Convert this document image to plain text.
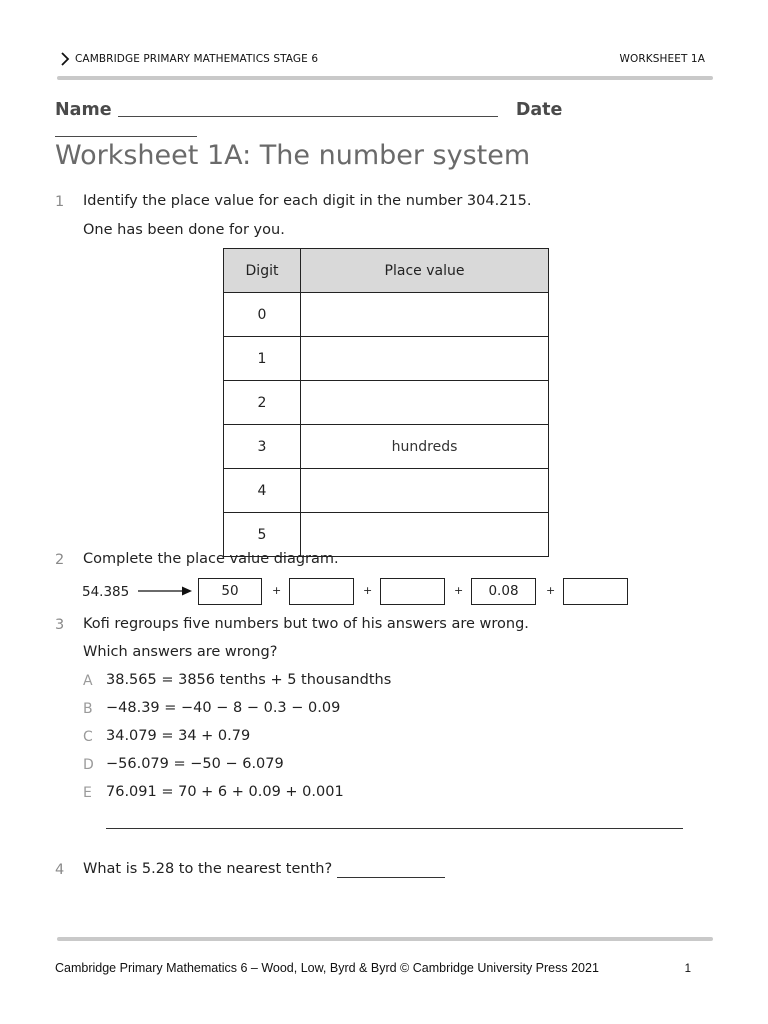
CAMBRIDGE PRIMARY MATHEMATICS STAGE 6	WORKSHEET 1A
Name	Date
Worksheet 1A: The number system
1 Identify the place value for each digit in the number 304.215.
One has been done for you.
Digit	Place value
0	
1	
2	
3	hundreds
4	
5	
2 Complete the place value diagram.
54.385	50	+	+	+	0.08	+
3 Kofi regroups five numbers but two of his answers are wrong.
Which answers are wrong?
A 38.565 = 3856 tenths + 5 thousandths
B −48.39 = −40 − 8 − 0.3 − 0.09
C 34.079 = 34 + 0.79
D −56.079 = −50 − 6.079
E 76.091 = 70 + 6 + 0.09 + 0.001
4 What is 5.28 to the nearest tenth?
Cambridge Primary Mathematics 6 – Wood, Low, Byrd & Byrd © Cambridge University Press 2021	1
